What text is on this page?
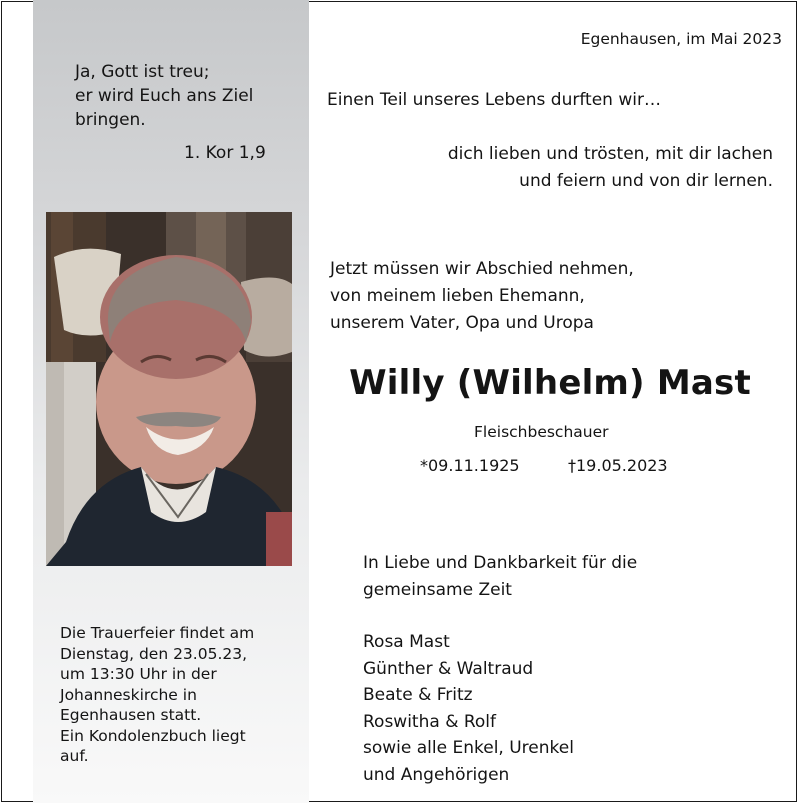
Ja, Gott ist treu;
er wird Euch ans Ziel
bringen.
1. Kor 1,9
Die Trauerfeier findet am
Dienstag, den 23.05.23,
um 13:30 Uhr in der
Johanneskirche in
Egenhausen statt.
Ein Kondolenzbuch liegt
auf.
Egenhausen, im Mai 2023
Einen Teil unseres Lebens durften wir…
dich lieben und trösten, mit dir lachen
und feiern und von dir lernen.
Jetzt müssen wir Abschied nehmen,
von meinem lieben Ehemann,
unserem Vater, Opa und Uropa
Willy (Wilhelm) Mast
Fleischbeschauer
*09.11.1925	†19.05.2023
In Liebe und Dankbarkeit für die
gemeinsame Zeit
Rosa Mast
Günther & Waltraud
Beate & Fritz
Roswitha & Rolf
sowie alle Enkel, Urenkel
und Angehörigen
